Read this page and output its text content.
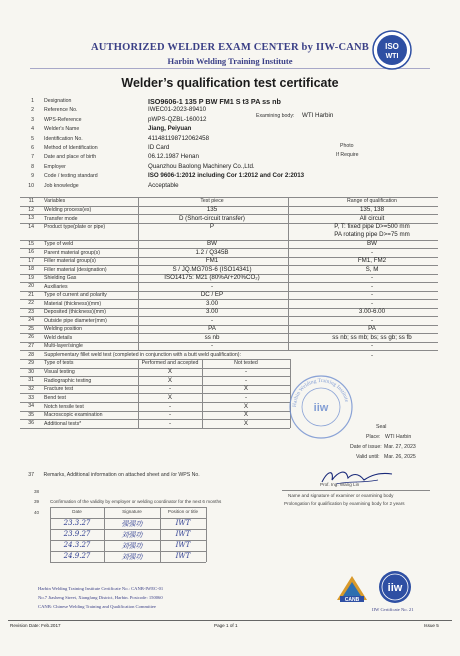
AUTHORIZED WELDER EXAM CENTER by IIW-CANB
Harbin Welding Training Institute
ISO
WTI
Welder’s qualification test certificate
1 Designation	ISO9606-1 135 P BW FM1 S t3 PA ss nb
2 Reference No.	IWEC01-2023-89410
3 WPS-Reference	pWPS-QZBL-160012
4 Welder's Name	Jiang, Peiyuan
5 Identification No.	411481198712062458
6 Method of Identification	ID Card
7 Date and place of birth	06.12.1987 Henan
8 Employer	Quanzhou Baolong Machinery Co.,Ltd.
9 Code / testing standard	ISO 9606-1:2012 including Cor 1:2012 and Cor 2:2013
10 Job knowledge	Acceptable
Examining body: WTI Harbin
Photo
If Require
11 Variables	Test piece	Range of qualification
12 Welding process(es)	135	135, 138
13 Transfer mode	D (Short-circuit transfer)	All circuit
14 Product type(plate or pipe)	P	P, T: fixed pipe D>=500 mm
PA rotating pipe D>=75 mm
15 Type of weld	BW	BW
16 Parent material group(s)	1.2 / Q345B	-
17 Filler material group(s)	FM1	FM1, FM2
18 Filler material (designation)	S / JQ.MG70S-6 (ISO14341)	S, M
19 Shielding Gas	ISO14175: M21 (80%Ar+20%CO₂)	-
20 Auxiliaries	-	-
21 Type of current and polarity	DC / EP	-
22 Material (thickness)(mm)	3.00	-
23 Deposited (thickness)(mm)	3.00	3.00-6.00
24 Outside pipe diameter(mm)	-	-
25 Welding position	PA	PA
26 Weld details	ss nb	ss nb; ss mb; bs; ss gb; ss fb
27 Multi-layer/single	-	-
28 Supplementary fillet weld test (completed in conjunction with a butt weld qualification):	-
29 Type of tests	Performed and accepted	Not tested
30 Visual testing	X	-
31 Radiographic testing	X	-
32 Fracture test	-	X
33 Bend test	X	-
34 Notch tensile test	-	X
35 Macroscopic examination	-	X
36 Additional tests*	-	X
37 Remarks, Additional information on attached sheet and /or WPS No.
Harbin Welding Training Institute
iiw
Seal
Place: WTI Harbin
Date of issue: Mar. 27, 2023
Valid until: Mar. 26, 2025
Prof. Ing. Wang Lin
Name and signature of examiner or examining body
Prolongation for qualification by examining body for 2 years
38
39 Confirmation of the validity by employer or welding coordinator for the next 6 months
40	Date	Signature	Position or title
23.3.27	强强功	IWT
23.9.27	刘强功	IWT
24.3.27	刘强功	IWT
24.9.27	刘强功	IWT
Harbin Welding Training Institute Certificate No.: CANB-IWEC-01
No.7 Jiasheng Street, Xiangfang District, Harbin. Postcode: 150060
CANB: Chinese Welding Training and Qualification Committee
CANB
iiw
IIW Certificate No. 21
Revision Date: Feb.2017	Page 1 of 1	Issue 5
